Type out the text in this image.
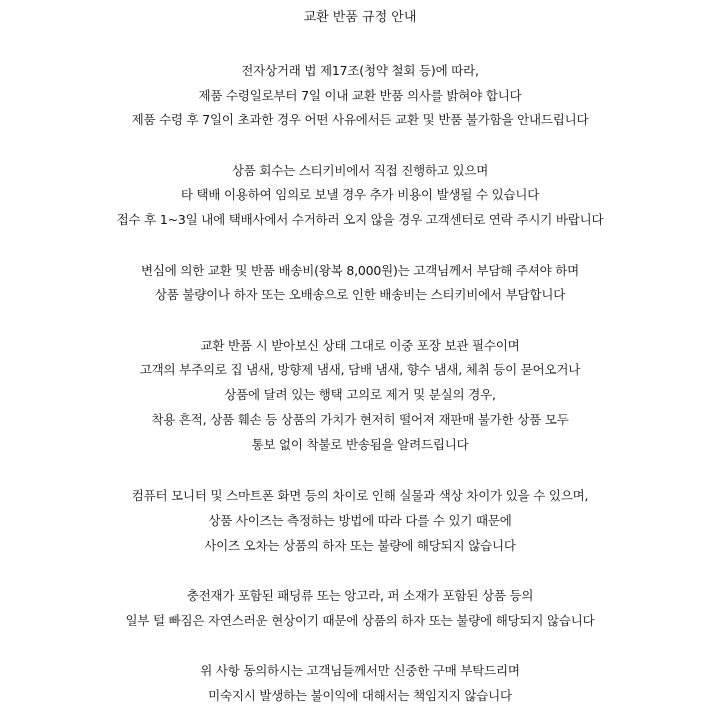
교환 반품 규정 안내
전자상거래 법 제17조(청약 철회 등)에 따라,
제품 수령일로부터 7일 이내 교환 반품 의사를 밝혀야 합니다
제품 수령 후 7일이 초과한 경우 어떤 사유에서든 교환 및 반품 불가함을 안내드립니다
상품 회수는 스티키비에서 직접 진행하고 있으며
타 택배 이용하여 임의로 보낼 경우 추가 비용이 발생될 수 있습니다
접수 후 1~3일 내에 택배사에서 수거하러 오지 않을 경우 고객센터로 연락 주시기 바랍니다
변심에 의한 교환 및 반품 배송비(왕복 8,000원)는 고객님께서 부담해 주셔야 하며
상품 불량이나 하자 또는 오배송으로 인한 배송비는 스티키비에서 부담합니다
교환 반품 시 받아보신 상태 그대로 이중 포장 보관 필수이며
고객의 부주의로 집 냄새, 방향제 냄새, 담배 냄새, 향수 냄새, 체취 등이 묻어오거나
상품에 달려 있는 행택 고의로 제거 및 분실의 경우,
착용 흔적, 상품 훼손 등 상품의 가치가 현저히 떨어져 재판매 불가한 상품 모두
통보 없이 착불로 반송됨을 알려드립니다
컴퓨터 모니터 및 스마트폰 화면 등의 차이로 인해 실물과 색상 차이가 있을 수 있으며,
상품 사이즈는 측정하는 방법에 따라 다를 수 있기 때문에
사이즈 오차는 상품의 하자 또는 불량에 해당되지 않습니다
충전재가 포함된 패딩류 또는 앙고라, 퍼 소재가 포함된 상품 등의
일부 털 빠짐은 자연스러운 현상이기 때문에 상품의 하자 또는 불량에 해당되지 않습니다
위 사항 동의하시는 고객님들께서만 신중한 구매 부탁드리며
미숙지시 발생하는 불이익에 대해서는 책임지지 않습니다
